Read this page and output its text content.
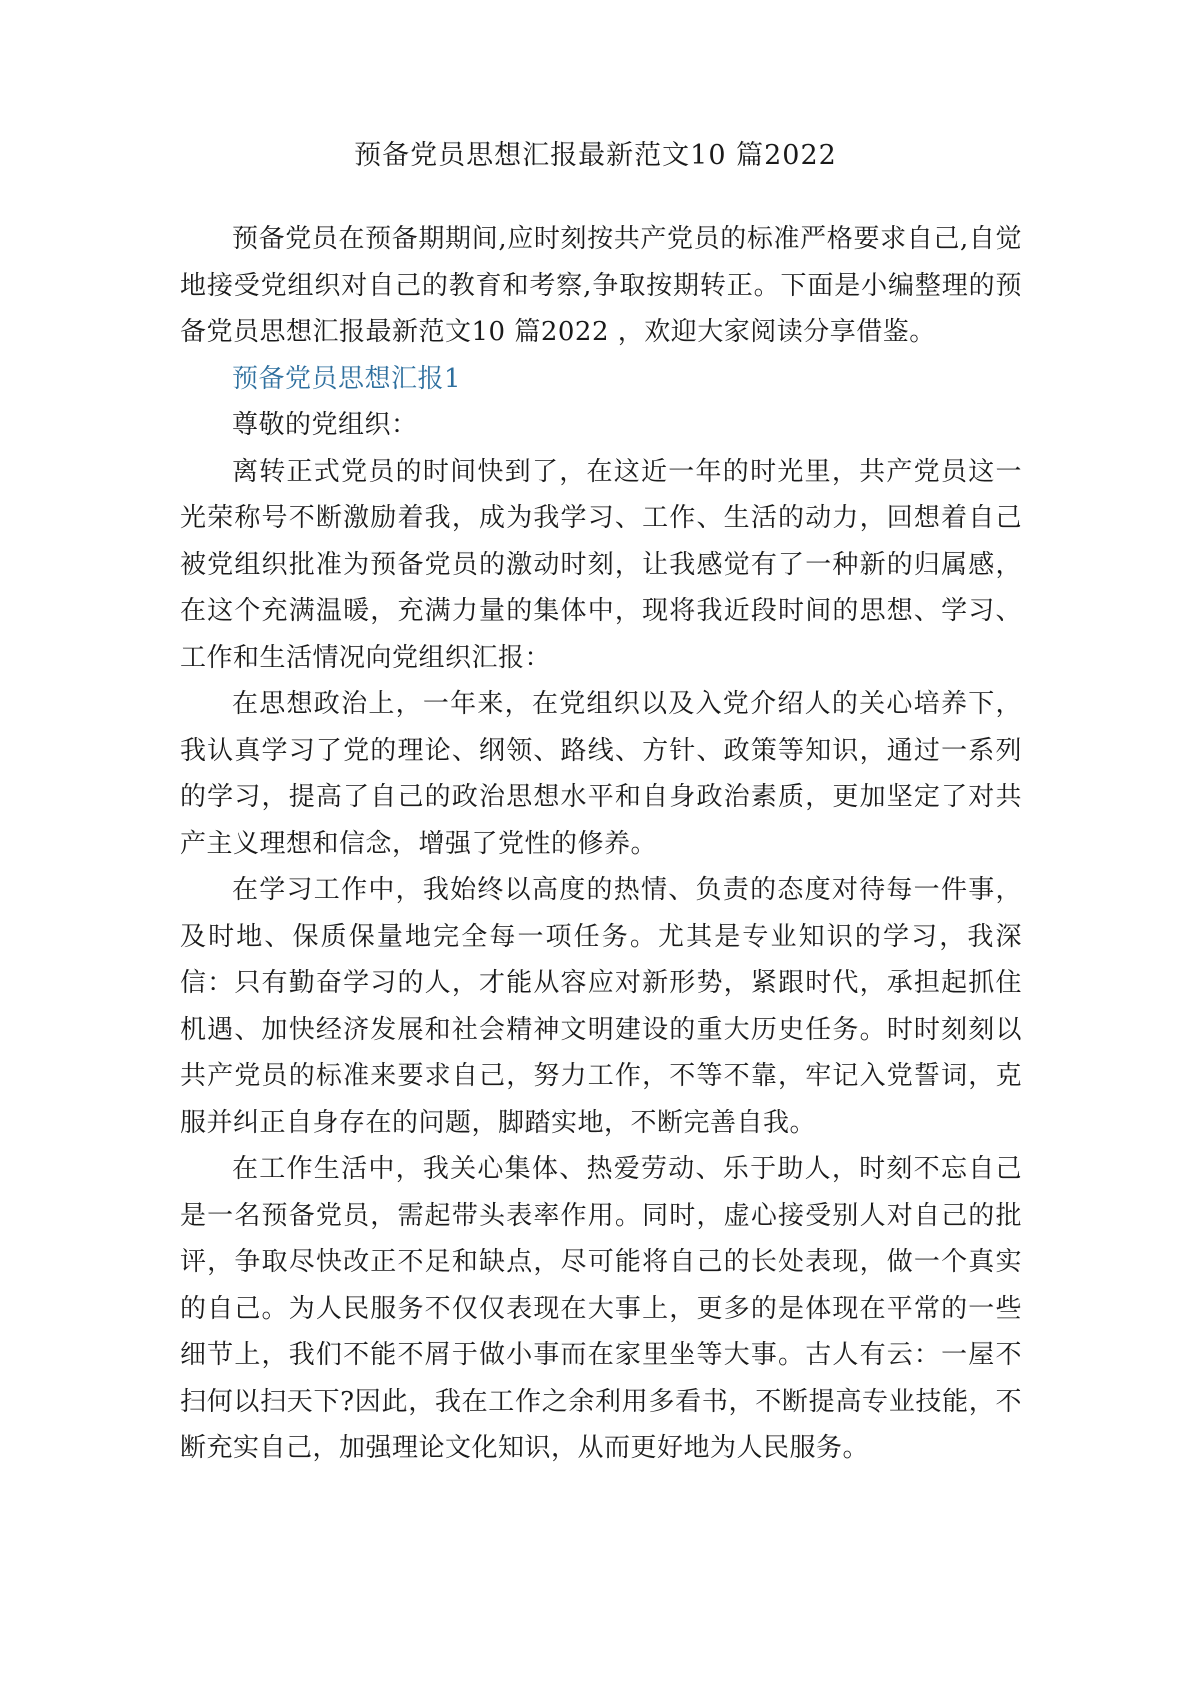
预备党员思想汇报最新范文10 篇2022

预备党员在预备期期间,应时刻按共产党员的标准严格要求自己,自觉地接受党组织对自己的教育和考察,争取按期转正。下面是小编整理的预备党员思想汇报最新范文10 篇2022 ，欢迎大家阅读分享借鉴。

预备党员思想汇报1

尊敬的党组织：

离转正式党员的时间快到了，在这近一年的时光里，共产党员这一光荣称号不断激励着我，成为我学习、工作、生活的动力，回想着自己被党组织批准为预备党员的激动时刻，让我感觉有了一种新的归属感，在这个充满温暖，充满力量的集体中，现将我近段时间的思想、学习、工作和生活情况向党组织汇报：

在思想政治上，一年来，在党组织以及入党介绍人的关心培养下，我认真学习了党的理论、纲领、路线、方针、政策等知识，通过一系列的学习，提高了自己的政治思想水平和自身政治素质，更加坚定了对共产主义理想和信念，增强了党性的修养。

在学习工作中，我始终以高度的热情、负责的态度对待每一件事，及时地、保质保量地完全每一项任务。尤其是专业知识的学习，我深信：只有勤奋学习的人，才能从容应对新形势，紧跟时代，承担起抓住机遇、加快经济发展和社会精神文明建设的重大历史任务。时时刻刻以共产党员的标准来要求自己，努力工作，不等不靠，牢记入党誓词，克服并纠正自身存在的问题，脚踏实地，不断完善自我。

在工作生活中，我关心集体、热爱劳动、乐于助人，时刻不忘自己是一名预备党员，需起带头表率作用。同时，虚心接受别人对自己的批评，争取尽快改正不足和缺点，尽可能将自己的长处表现，做一个真实的自己。为人民服务不仅仅表现在大事上，更多的是体现在平常的一些细节上，我们不能不屑于做小事而在家里坐等大事。古人有云：一屋不扫何以扫天下?因此，我在工作之余利用多看书，不断提高专业技能，不断充实自己，加强理论文化知识，从而更好地为人民服务。
